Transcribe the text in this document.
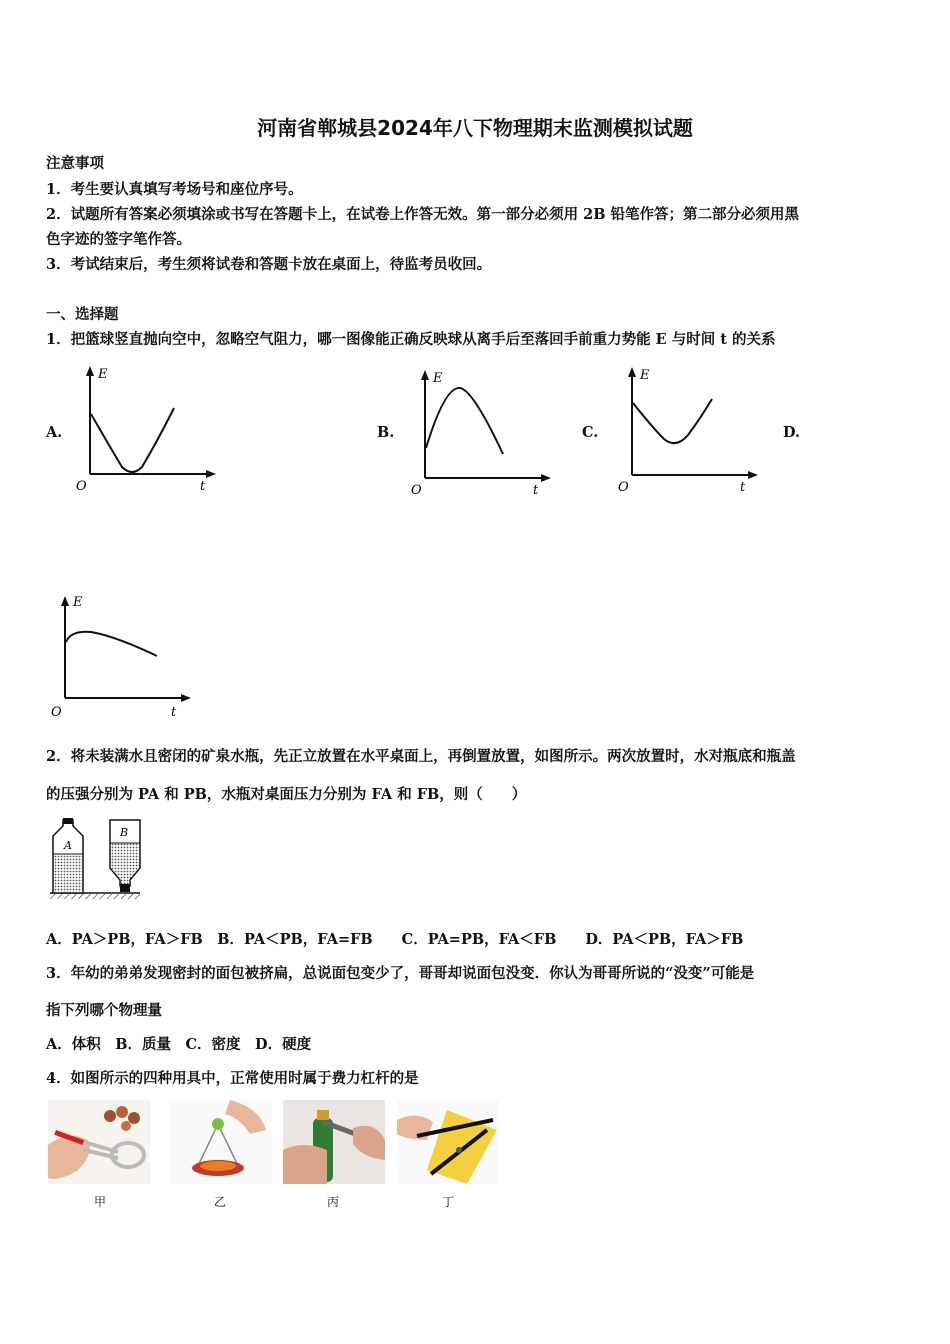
河南省郸城县2024年八下物理期末监测模拟试题
注意事项
1．考生要认真填写考场号和座位序号。
2．试题所有答案必须填涂或书写在答题卡上，在试卷上作答无效。第一部分必须用 2B 铅笔作答；第二部分必须用黑
色字迹的签字笔作答。
3．考试结束后，考生须将试卷和答题卡放在桌面上，待监考员收回。
一、选择题
1．把篮球竖直抛向空中，忽略空气阻力，哪一图像能正确反映球从离手后至落回手前重力势能 E 与时间 t 的关系
A.	B.	C.	D.
E
t
O
E
t
O
E
t
O
E
t
O
2．将未装满水且密闭的矿泉水瓶，先正立放置在水平桌面上，再倒置放置，如图所示。两次放置时，水对瓶底和瓶盖
的压强分别为 PA 和 PB，水瓶对桌面压力分别为 FA 和 FB，则（　　）
A
B
A．PA＞PB，FA＞FB　B．PA＜PB，FA=FB　　C．PA=PB，FA＜FB　　D．PA＜PB，FA＞FB
3．年幼的弟弟发现密封的面包被挤扁，总说面包变少了，哥哥却说面包没变．你认为哥哥所说的“没变”可能是
指下列哪个物理量
A．体积　B．质量　C．密度　D．硬度
4．如图所示的四种用具中，正常使用时属于费力杠杆的是
甲	乙	丙	丁
